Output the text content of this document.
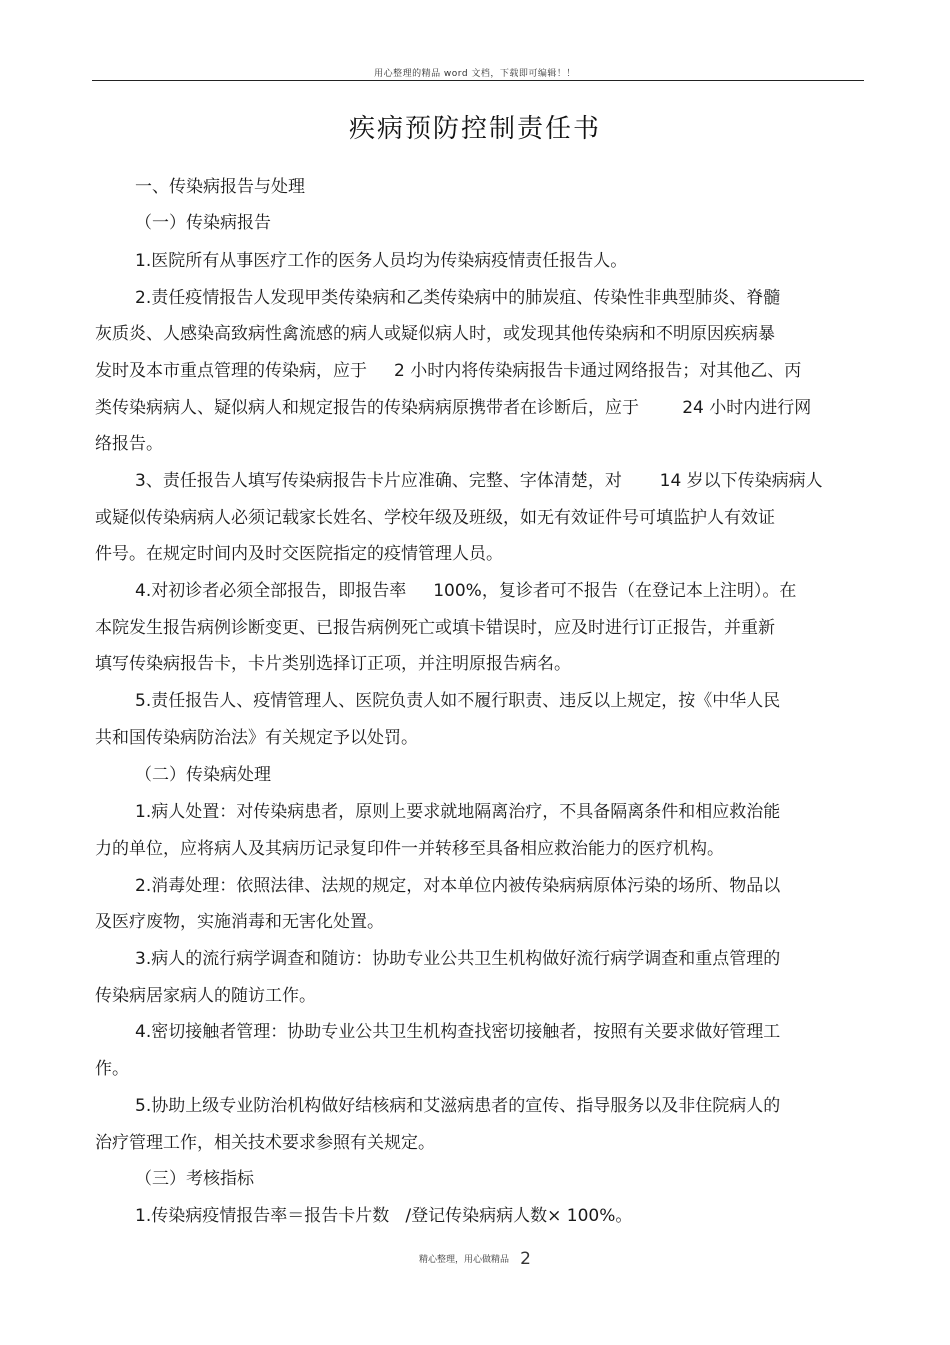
用心整理的精品 word 文档，下载即可编辑！！
疾病预防控制责任书
一、传染病报告与处理
（一）传染病报告
1.医院所有从事医疗工作的医务人员均为传染病疫情责任报告人。
2.责任疫情报告人发现甲类传染病和乙类传染病中的肺炭疽、传染性非典型肺炎、脊髓
灰质炎、人感染高致病性禽流感的病人或疑似病人时，或发现其他传染病和不明原因疾病暴
发时及本市重点管理的传染病，应于     2 小时内将传染病报告卡通过网络报告；对其他乙、丙
类传染病病人、疑似病人和规定报告的传染病病原携带者在诊断后，应于        24 小时内进行网
络报告。
3、责任报告人填写传染病报告卡片应准确、完整、字体清楚，对       14 岁以下传染病病人
或疑似传染病病人必须记载家长姓名、学校年级及班级，如无有效证件号可填监护人有效证
件号。在规定时间内及时交医院指定的疫情管理人员。
4.对初诊者必须全部报告，即报告率     100%，复诊者可不报告（在登记本上注明）。在
本院发生报告病例诊断变更、已报告病例死亡或填卡错误时，应及时进行订正报告，并重新
填写传染病报告卡，卡片类别选择订正项，并注明原报告病名。
5.责任报告人、疫情管理人、医院负责人如不履行职责、违反以上规定，按《中华人民
共和国传染病防治法》有关规定予以处罚。
（二）传染病处理
1.病人处置：对传染病患者，原则上要求就地隔离治疗，不具备隔离条件和相应救治能
力的单位，应将病人及其病历记录复印件一并转移至具备相应救治能力的医疗机构。
2.消毒处理：依照法律、法规的规定，对本单位内被传染病病原体污染的场所、物品以
及医疗废物，实施消毒和无害化处置。
3.病人的流行病学调查和随访：协助专业公共卫生机构做好流行病学调查和重点管理的
传染病居家病人的随访工作。
4.密切接触者管理：协助专业公共卫生机构查找密切接触者，按照有关要求做好管理工
作。
5.协助上级专业防治机构做好结核病和艾滋病患者的宣传、指导服务以及非住院病人的
治疗管理工作，相关技术要求参照有关规定。
（三）考核指标
1.传染病疫情报告率＝报告卡片数   /登记传染病病人数× 100%。
精心整理，用心做精品 2
